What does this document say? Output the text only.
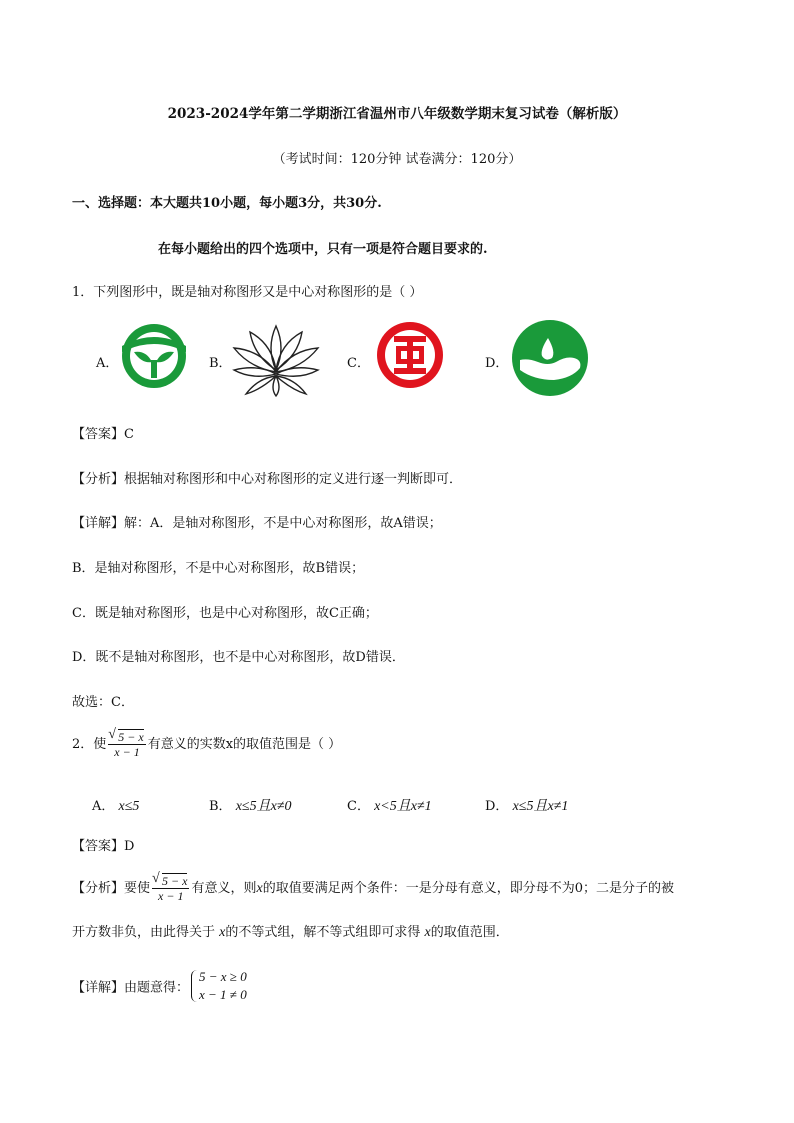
2023-2024学年第二学期浙江省温州市八年级数学期末复习试卷（解析版）
（考试时间：120分钟 试卷满分：120分）
一、选择题：本大题共10小题，每小题3分，共30分.
在每小题给出的四个选项中，只有一项是符合题目要求的.
1．下列图形中，既是轴对称图形又是中心对称图形的是（ ）
A．	B．	C．	D．
【答案】C
【分析】根据轴对称图形和中心对称图形的定义进行逐一判断即可．
【详解】解：A．是轴对称图形，不是中心对称图形，故A错误；
B．是轴对称图形，不是中心对称图形，故B错误；
C．既是轴对称图形，也是中心对称图形，故C正确；
D．既不是轴对称图形，也不是中心对称图形，故D错误．
故选：C．
2．使 √ $\frac{5 - x}{x - 1}$ 有意义的实数x的取值范围是（ ）
A． x≤5	B． x≤5且x≠0	C． x<5且x≠1	D． x≤5且x≠1
【答案】D
【分析】要使 √ $\frac{5 - x}{x - 1}$ 有意义，则x的取值要满足两个条件：一是分母有意义，即分母不为0；二是分子的被
开方数非负，由此得关于 x的不等式组，解不等式组即可求得 x的取值范围．
【详解】由题意得：
5 − x ≥ 0
x − 1 ≠ 0
